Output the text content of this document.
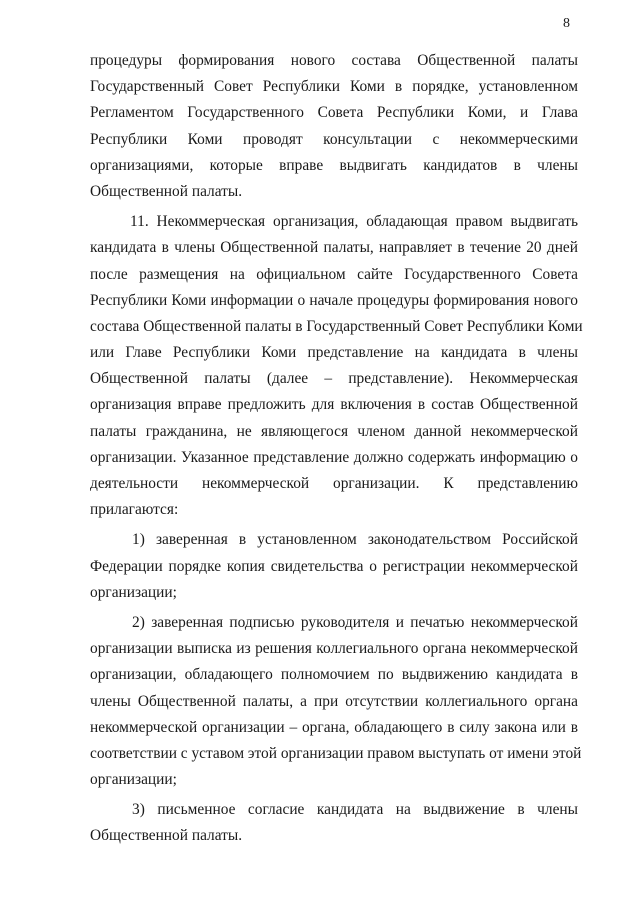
8
процедуры формирования нового состава Общественной палаты
Государственный Совет Республики Коми в порядке, установленном
Регламентом Государственного Совета Республики Коми, и Глава
Республики Коми проводят консультации с некоммерческими
организациями, которые вправе выдвигать кандидатов в члены
Общественной палаты.
11. Некоммерческая организация, обладающая правом выдвигать
кандидата в члены Общественной палаты, направляет в течение 20 дней
после размещения на официальном сайте Государственного Совета
Республики Коми информации о начале процедуры формирования нового
состава Общественной палаты в Государственный Совет Республики Коми
или Главе Республики Коми представление на кандидата в члены
Общественной палаты (далее – представление). Некоммерческая
организация вправе предложить для включения в состав Общественной
палаты гражданина, не являющегося членом данной некоммерческой
организации. Указанное представление должно содержать информацию о
деятельности некоммерческой организации. К представлению
прилагаются:
1) заверенная в установленном законодательством Российской
Федерации порядке копия свидетельства о регистрации некоммерческой
организации;
2) заверенная подписью руководителя и печатью некоммерческой
организации выписка из решения коллегиального органа некоммерческой
организации, обладающего полномочием по выдвижению кандидата в
члены Общественной палаты, а при отсутствии коллегиального органа
некоммерческой организации – органа, обладающего в силу закона или в
соответствии с уставом этой организации правом выступать от имени этой
организации;
3) письменное согласие кандидата на выдвижение в члены
Общественной палаты.
